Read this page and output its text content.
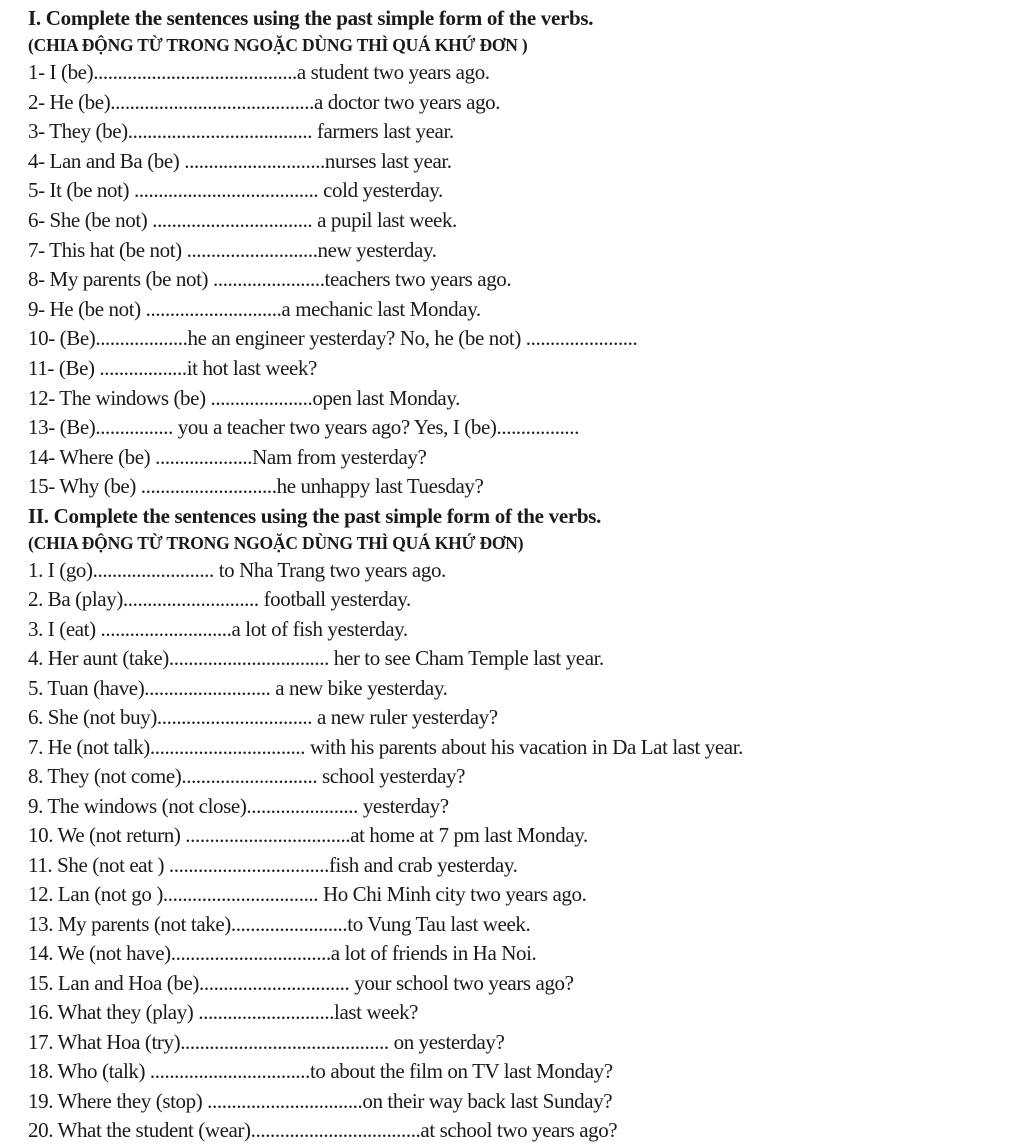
I. Complete the sentences using the past simple form of the verbs.
(CHIA ĐỘNG TỪ TRONG NGOẶC DÙNG THÌ QUÁ KHỨ ĐƠN )
1- I (be)..........................................a student two years ago.
2- He (be)..........................................a doctor two years ago.
3- They (be)...................................... farmers last year.
4- Lan and Ba (be) .............................nurses last year.
5- It (be not) ...................................... cold yesterday.
6- She (be not) ................................. a pupil last week.
7- This hat (be not) ...........................new yesterday.
8- My parents (be not) .......................teachers two years ago.
9- He (be not) ............................a mechanic last Monday.
10- (Be)...................he an engineer yesterday? No, he (be not) .......................
11- (Be) ..................it hot last week?
12- The windows (be) .....................open last Monday.
13- (Be)................ you a teacher two years ago? Yes, I (be).................
14- Where (be) ....................Nam from yesterday?
15- Why (be) ............................he unhappy last Tuesday?
II. Complete the sentences using the past simple form of the verbs.
(CHIA ĐỘNG TỪ TRONG NGOẶC DÙNG THÌ QUÁ KHỨ ĐƠN)
1. I (go)......................... to Nha Trang two years ago.
2. Ba (play)............................ football yesterday.
3. I (eat) ...........................a lot of fish yesterday.
4. Her aunt (take)................................. her to see Cham Temple last year.
5. Tuan (have).......................... a new bike yesterday.
6. She (not buy)................................ a new ruler yesterday?
7. He (not talk)................................ with his parents about his vacation in Da Lat last year.
8. They (not come)............................ school yesterday?
9. The windows (not close)....................... yesterday?
10. We (not return) ..................................at home at 7 pm last Monday.
11. She (not eat ) .................................fish and crab yesterday.
12. Lan (not go )................................ Ho Chi Minh city two years ago.
13. My parents (not take)........................to Vung Tau last week.
14. We (not have).................................a lot of friends in Ha Noi.
15. Lan and Hoa (be)............................... your school two years ago?
16. What they (play) ............................last week?
17. What Hoa (try)........................................... on yesterday?
18. Who (talk) .................................to about the film on TV last Monday?
19. Where they (stop) ................................on their way back last Sunday?
20. What the student (wear)...................................at school two years ago?
